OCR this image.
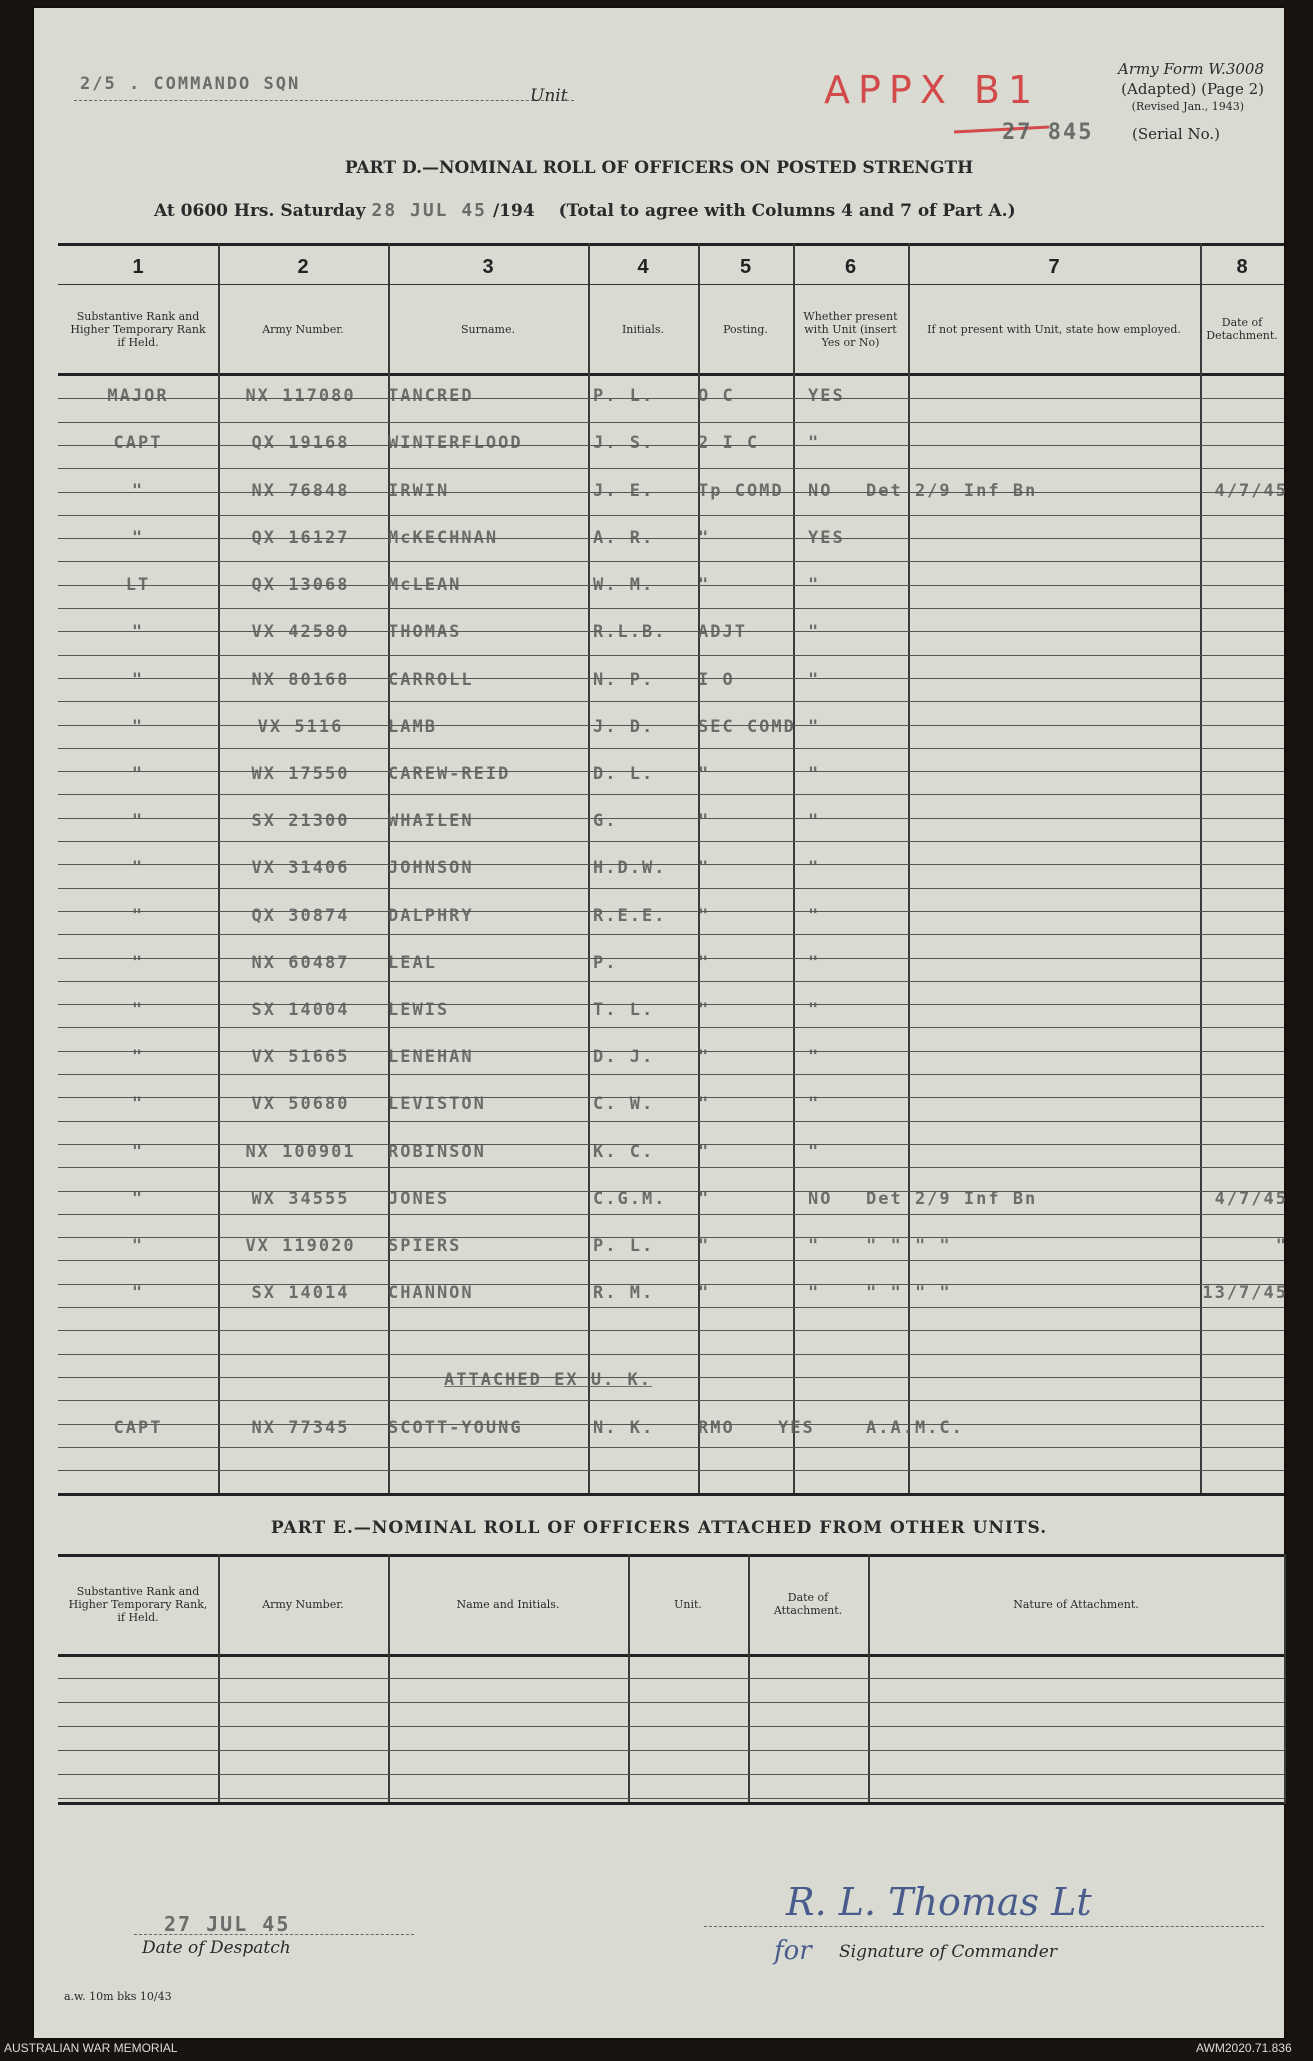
2/5 . COMMANDO SQN
Unit	APPX B1	Army Form W.3008
(Adapted) (Page 2)
(Revised Jan., 1943)
27 845	(Serial No.)
PART D.—NOMINAL ROLL OF OFFICERS ON POSTED STRENGTH
At 0600 Hrs. Saturday 28 JUL 45 /194 (Total to agree with Columns 4 and 7 of Part A.)
1	2	3	4	5	6	7	8
Substantive Rank and Higher Temporary Rank if Held.
Army Number.	Surname.	Initials.	Posting.
Whether present with Unit (insert Yes or No)
If not present with Unit, state how employed.	Date of Detachment.
MAJOR	NX 117080	TANCRED	P. L.	O C	YES
CAPT	QX 19168	WINTERFLOOD	J. S.	2 I C	"
"	NX 76848	IRWIN	J. E.	Tp COMD	NO	Det 2/9 Inf Bn	4/7/45
"	QX 16127	McKECHNAN	A. R.	"	YES
LT	QX 13068	McLEAN	W. M.	"	"
"	VX 42580	THOMAS	R.L.B.	ADJT	"
"	NX 80168	CARROLL	N. P.	I O	"
"	VX 5116	LAMB	J. D.	SEC COMD "
"	WX 17550	CAREW-REID	D. L.	"	"
"	SX 21300	WHAILEN	G.	"	"
"	VX 31406	JOHNSON	H.D.W.	"	"
"	QX 30874	DALPHRY	R.E.E.	"	"
"	NX 60487	LEAL	P.	"	"
"	SX 14004	LEWIS	T. L.	"	"
"	VX 51665	LENEHAN	D. J.	"	"
"	VX 50680	LEVISTON	C. W.	"	"
"	NX 100901	ROBINSON	K. C.	"	"
"	WX 34555	JONES	C.G.M.	"	NO	Det 2/9 Inf Bn	4/7/45
"	VX 119020	SPIERS	P. L.	"	"	" " " "	"
"	SX 14014	CHANNON	R. M.	"	"	" " " "	13/7/45
ATTACHED EX U. K.
CAPT	NX 77345	SCOTT-YOUNG	N. K.	RMO	YES	A.A.M.C.
PART E.—NOMINAL ROLL OF OFFICERS ATTACHED FROM OTHER UNITS.
Substantive Rank and Higher Temporary Rank, if Held.
Army Number.	Name and Initials.	Unit.	Date of Attachment.	Nature of Attachment.
27 JUL 45
Date of Despatch
R. L. Thomas Lt
for Signature of Commander
a.w. 10m bks 10/43
AUSTRALIAN WAR MEMORIAL	AWM2020.71.836
